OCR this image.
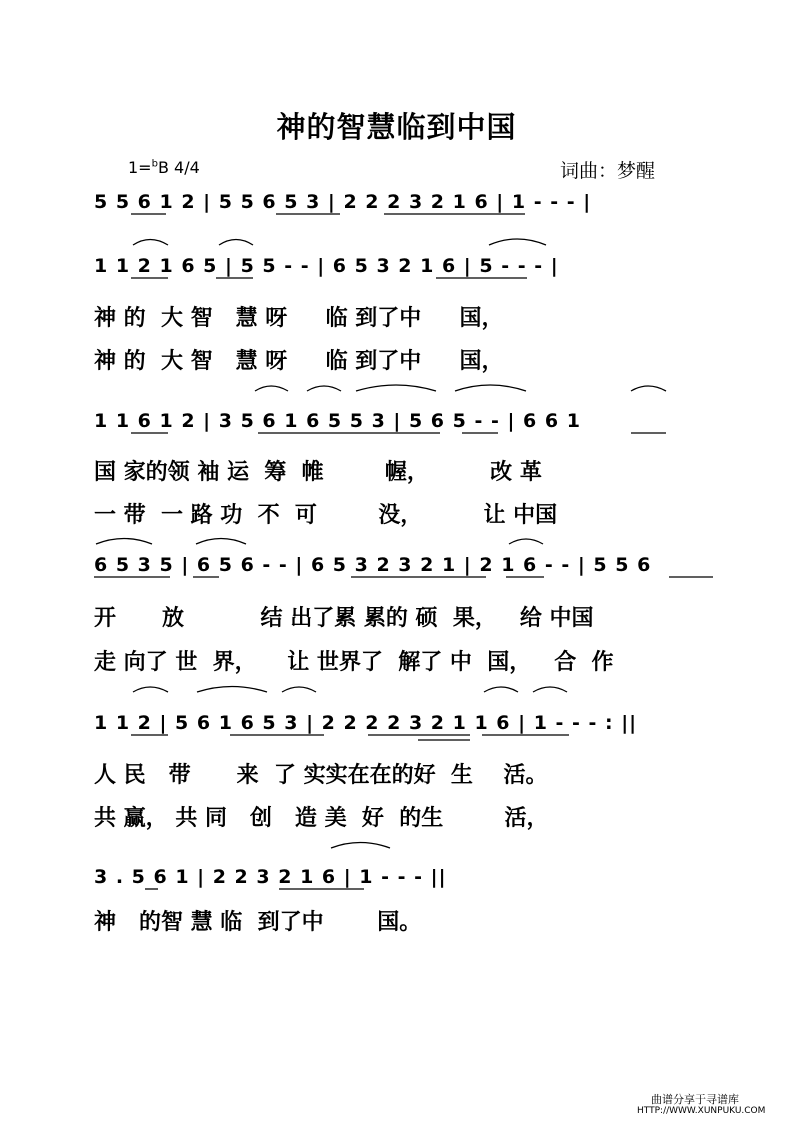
神的智慧临到中国
1=$^b$B 4/4	词曲：梦醒
5 5 6 1 2 | 5 5 6 5 3 | 2 2 2 3 2 1 6 | 1 - - - |
1 1 2 1 6 5 | 5 5 - - | 6 5 3 2 1 6 | 5 - - - |
1 1 6 1 2 | 3 5 6 1 6 5 5 3 | 5 6 5 - - | 6 6 1
6 5 3 5 | 6 5 6 - - | 6 5 3 2 3 2 1 | 2 1 6 - - | 5 5 6
1 1 2 | 5 6 1 6 5 3 | 2 2 2 2 3 2 1 1 6 | 1 - - - : ||
3 . 5 6 1 | 2 2 3 2 1 6 | 1 - - - ||
神 的  大 智   慧 呀     临 到了中     国，
神 的  大 智   慧 呀     临 到了中     国，
国 家的领 袖 运  筹  帷        幄，        改 革
一 带  一 路 功  不  可        没，        让 中国
开      放          结 出了累 累的 硕  果，   给 中国
走 向了 世  界，    让 世界了  解了 中  国，   合  作
人 民   带      来  了 实实在在的好  生    活。
共 赢， 共 同   创   造 美  好  的生        活，
神   的智 慧 临  到了中       国。
曲谱分享于寻谱库
HTTP://WWW.XUNPUKU.COM
